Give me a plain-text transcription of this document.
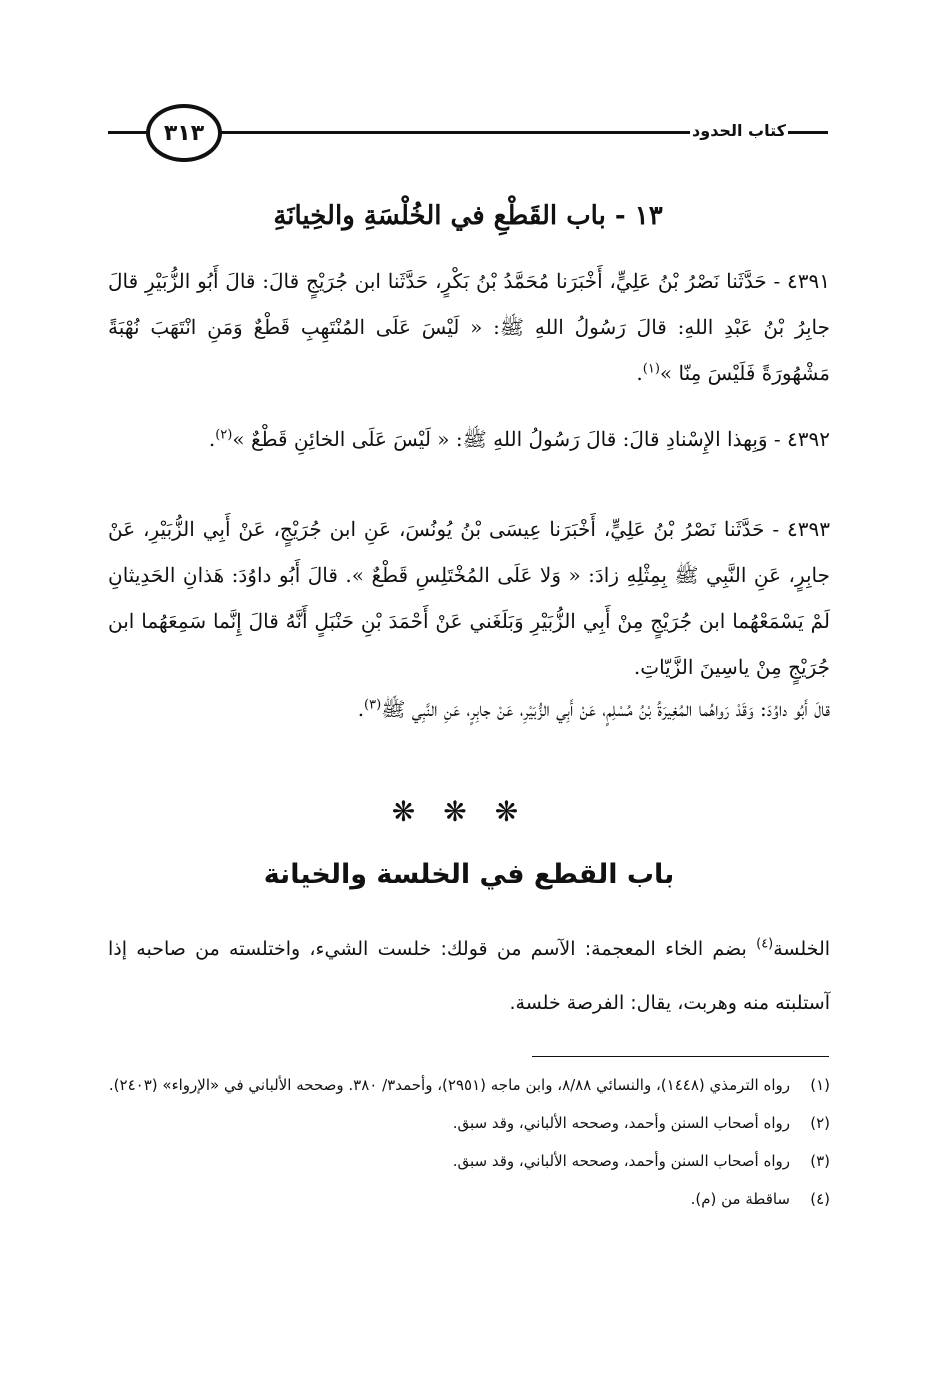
٣١٣	كتاب الحدود
١٣ - باب القَطْعِ في الخُلْسَةِ والخِيانَةِ
٤٣٩١ - حَدَّثَنا نَصْرُ بْنُ عَلِيٍّ، أَخْبَرَنا مُحَمَّدُ بْنُ بَكْرٍ، حَدَّثَنا ابن جُرَيْجٍ قالَ: قالَ أَبُو الزُّبَيْرِ قالَ جابِرُ بْنُ عَبْدِ اللهِ: قالَ رَسُولُ اللهِ ﷺ: « لَيْسَ عَلَى المُنْتَهِبِ قَطْعٌ وَمَنِ انْتَهَبَ نُهْبَةً مَشْهُورَةً فَلَيْسَ مِنّا »$^{(١)}$.
٤٣٩٢ - وَبِهذا الإِسْنادِ قالَ: قالَ رَسُولُ اللهِ ﷺ: « لَيْسَ عَلَى الخائِنِ قَطْعٌ »$^{(٢)}$.
٤٣٩٣ - حَدَّثَنا نَصْرُ بْنُ عَلِيٍّ، أَخْبَرَنا عِيسَى بْنُ يُونُسَ، عَنِ ابن جُرَيْجٍ، عَنْ أَبِي الزُّبَيْرِ، عَنْ جابِرٍ، عَنِ النَّبِي ﷺ بِمِثْلِهِ زادَ: « وَلا عَلَى المُخْتَلِسِ قَطْعٌ ». قالَ أَبُو داوُدَ: هَذانِ الحَدِيثانِ لَمْ يَسْمَعْهُما ابن جُرَيْجٍ مِنْ أَبِي الزُّبَيْرِ وَبَلَغَني عَنْ أَحْمَدَ بْنِ حَنْبَلٍ أَنَّهُ قالَ إِنَّما سَمِعَهُما ابن جُرَيْجٍ مِنْ ياسِينَ الزَّيّاتِ.
قالَ أَبُو داوُدَ: وَقَدْ رَواهُما المُغِيرَةُ بْنُ مُسْلِمٍ، عَنْ أَبِي الزُّبَيْرِ، عَنْ جابِرٍ، عَنِ النَّبِي ﷺ$^{(٣)}$.
❋❋❋
باب القطع في الخلسة والخيانة
الخلسة$^{(٤)}$ بضم الخاء المعجمة: الآسم من قولك: خلست الشيء، واختلسته من صاحبه إذا آستلبته منه وهربت، يقال: الفرصة خلسة.
(١)
رواه الترمذي (١٤٤٨)، والنسائي ٨/٨٨، وابن ماجه (٢٩٥١)، وأحمد٣/ ٣٨٠. وصححه الألباني في «الإرواء» (٢٤٠٣).
(٢)
رواه أصحاب السنن وأحمد، وصححه الألباني، وقد سبق.
(٣)
رواه أصحاب السنن وأحمد، وصححه الألباني، وقد سبق.
(٤)
ساقطة من (م).
